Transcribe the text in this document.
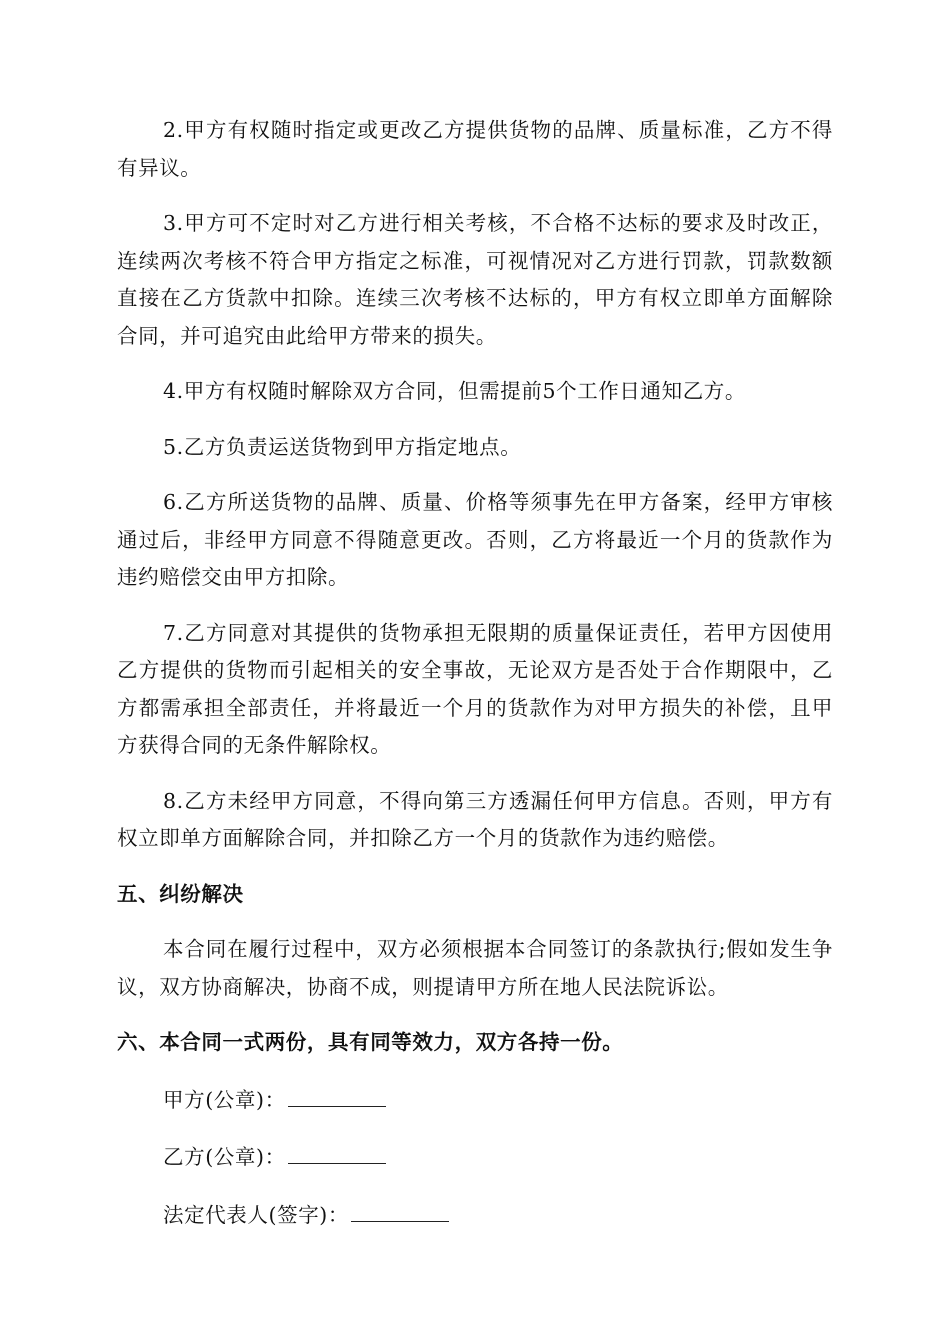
2.甲方有权随时指定或更改乙方提供货物的品牌、质量标准，乙方不得有异议。

3.甲方可不定时对乙方进行相关考核，不合格不达标的要求及时改正，连续两次考核不符合甲方指定之标准，可视情况对乙方进行罚款，罚款数额直接在乙方货款中扣除。连续三次考核不达标的，甲方有权立即单方面解除合同，并可追究由此给甲方带来的损失。

4.甲方有权随时解除双方合同，但需提前5个工作日通知乙方。

5.乙方负责运送货物到甲方指定地点。

6.乙方所送货物的品牌、质量、价格等须事先在甲方备案，经甲方审核通过后，非经甲方同意不得随意更改。否则，乙方将最近一个月的货款作为违约赔偿交由甲方扣除。

7.乙方同意对其提供的货物承担无限期的质量保证责任，若甲方因使用乙方提供的货物而引起相关的安全事故，无论双方是否处于合作期限中，乙方都需承担全部责任，并将最近一个月的货款作为对甲方损失的补偿，且甲方获得合同的无条件解除权。

8.乙方未经甲方同意，不得向第三方透漏任何甲方信息。否则，甲方有权立即单方面解除合同，并扣除乙方一个月的货款作为违约赔偿。

五、纠纷解决

本合同在履行过程中，双方必须根据本合同签订的条款执行;假如发生争议，双方协商解决，协商不成，则提请甲方所在地人民法院诉讼。

六、本合同一式两份，具有同等效力，双方各持一份。
甲方(公章)：
乙方(公章)：
法定代表人(签字)：
